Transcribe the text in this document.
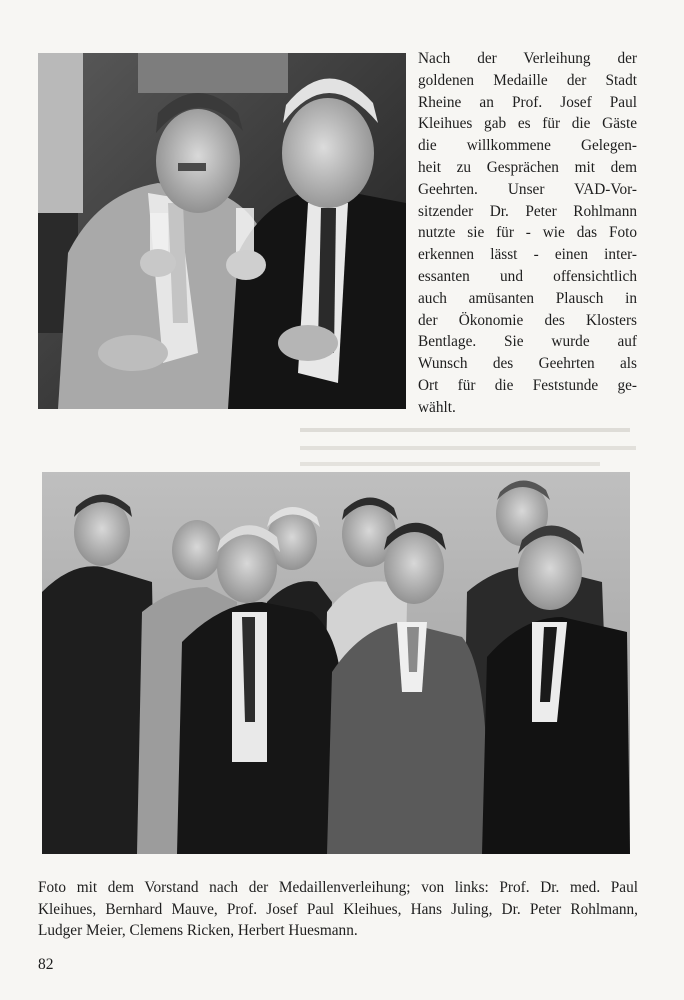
Nach der Verleihung der
goldenen Medaille der Stadt
Rheine an Prof. Josef Paul
Kleihues gab es für die Gäste
die willkommene Gelegen-
heit zu Gesprächen mit dem
Geehrten. Unser VAD-Vor-
sitzender Dr. Peter Rohlmann
nutzte sie für - wie das Foto
erkennen lässt - einen inter-
essanten und offensichtlich
auch amüsanten Plausch in
der Ökonomie des Klosters
Bentlage. Sie wurde auf
Wunsch des Geehrten als
Ort für die Feststunde ge-
wählt.

Foto mit dem Vorstand nach der Medaillenverleihung; von links: Prof. Dr. med. Paul
Kleihues, Bernhard Mauve, Prof. Josef Paul Kleihues, Hans Juling, Dr. Peter Rohlmann,
Ludger Meier, Clemens Ricken, Herbert Huesmann.
82
